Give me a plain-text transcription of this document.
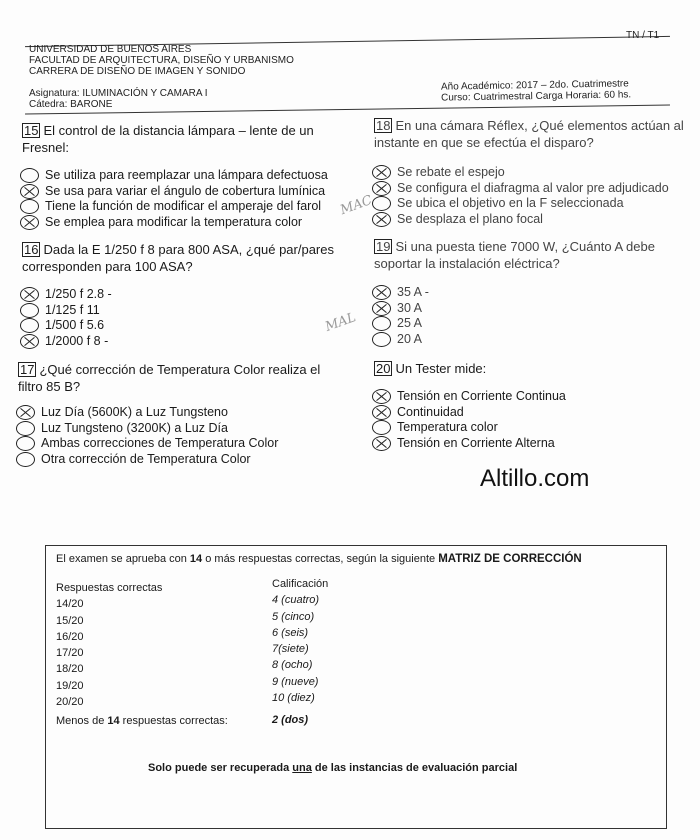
TN / T1
UNIVERSIDAD DE BUENOS AIRES
FACULTAD DE ARQUITECTURA, DISEÑO Y URBANISMO
CARRERA DE DISEÑO DE IMAGEN Y SONIDO
Asignatura: ILUMINACIÓN Y CAMARA I
Cátedra: BARONE
Año Académico: 2017 – 2do. Cuatrimestre
Curso: Cuatrimestral Carga Horaria: 60 hs.
15 El control de la distancia lámpara – lente de un Fresnel:
Se utiliza para reemplazar una lámpara defectuosa
Se usa para variar el ángulo de cobertura lumínica
Tiene la función de modificar el amperaje del farol
Se emplea para modificar la temperatura color
16 Dada la E 1/250 f 8 para 800 ASA, ¿qué par/pares corresponden para 100 ASA?
1/250 f 2.8 -
1/125 f 11
1/500 f 5.6
1/2000 f 8 -
17 ¿Qué corrección de Temperatura Color realiza el filtro 85 B?
Luz Día (5600K) a Luz Tungsteno
Luz Tungsteno (3200K) a Luz Día
Ambas correcciones de Temperatura Color
Otra corrección de Temperatura Color
18 En una cámara Réflex, ¿Qué elementos actúan al instante en que se efectúa el disparo?
Se rebate el espejo
Se configura el diafragma al valor pre adjudicado
Se ubica el objetivo en la F seleccionada
Se desplaza el plano focal
19 Si una puesta tiene 7000 W, ¿Cuánto A debe soportar la instalación eléctrica?
35 A -
30 A
25 A
20 A
20 Un Tester mide:
Tensión en Corriente Continua
Continuidad
Temperatura color
Tensión en Corriente Alterna
MAC
MAL
Altillo.com
El examen se aprueba con 14 o más respuestas correctas, según la siguiente MATRIZ DE CORRECCIÓN
Respuestas correctas
14/20
15/20
16/20
17/20
18/20
19/20
20/20
Calificación
4 (cuatro)
5 (cinco)
6 (seis)
7(siete)
8 (ocho)
9 (nueve)
10 (diez)
Menos de 14 respuestas correctas:	2 (dos)
Solo puede ser recuperada una de las instancias de evaluación parcial
